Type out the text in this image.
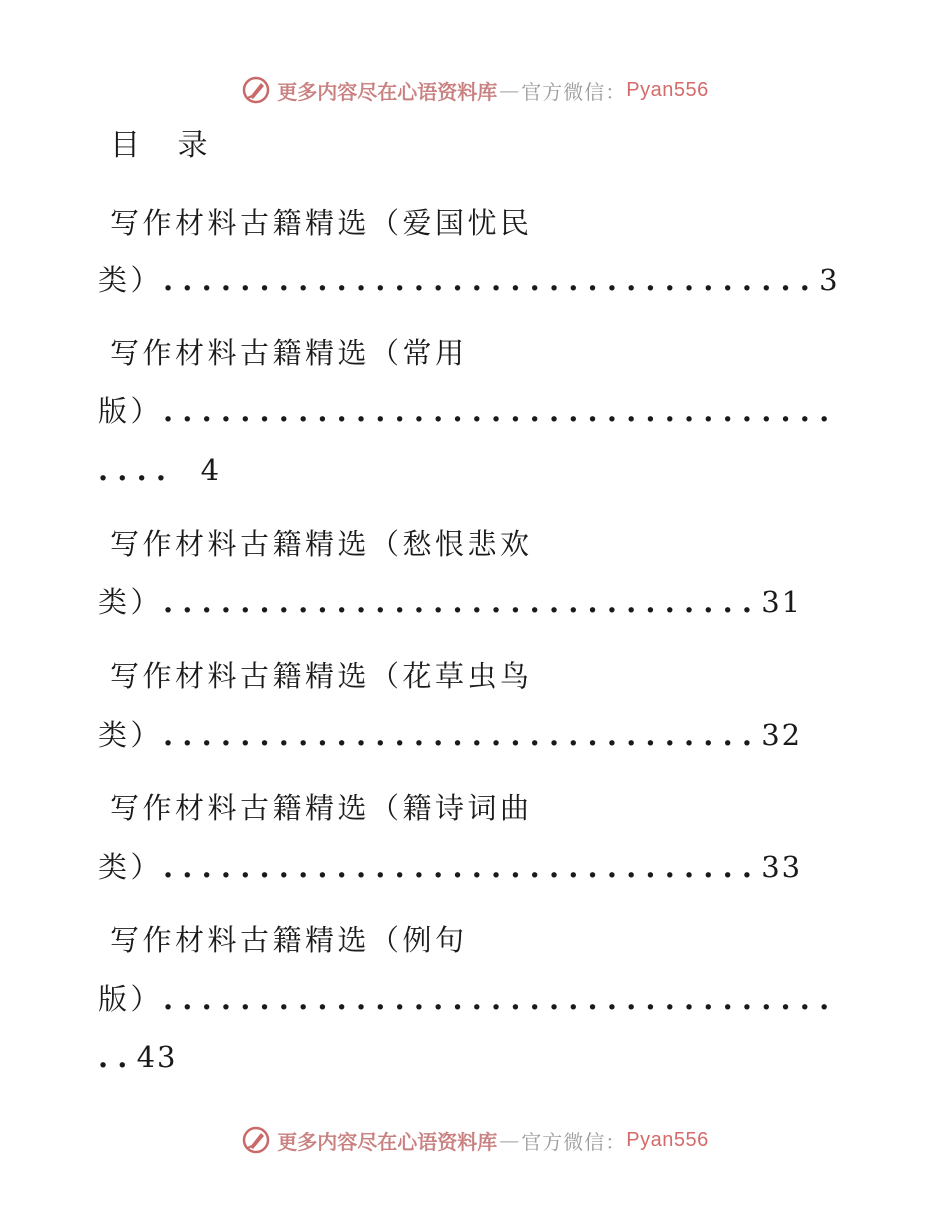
更多内容尽在心语资料库 — 官方微信： Pyan556
目 录
写作材料古籍精选（爱国忧民
类）..................................3
写作材料古籍精选（常用
版）...................................
.... 4
写作材料古籍精选（愁恨悲欢
类）...............................31
写作材料古籍精选（花草虫鸟
类）...............................32
写作材料古籍精选（籍诗词曲
类）...............................33
写作材料古籍精选（例句
版）...................................
..43
更多内容尽在心语资料库 — 官方微信： Pyan556
